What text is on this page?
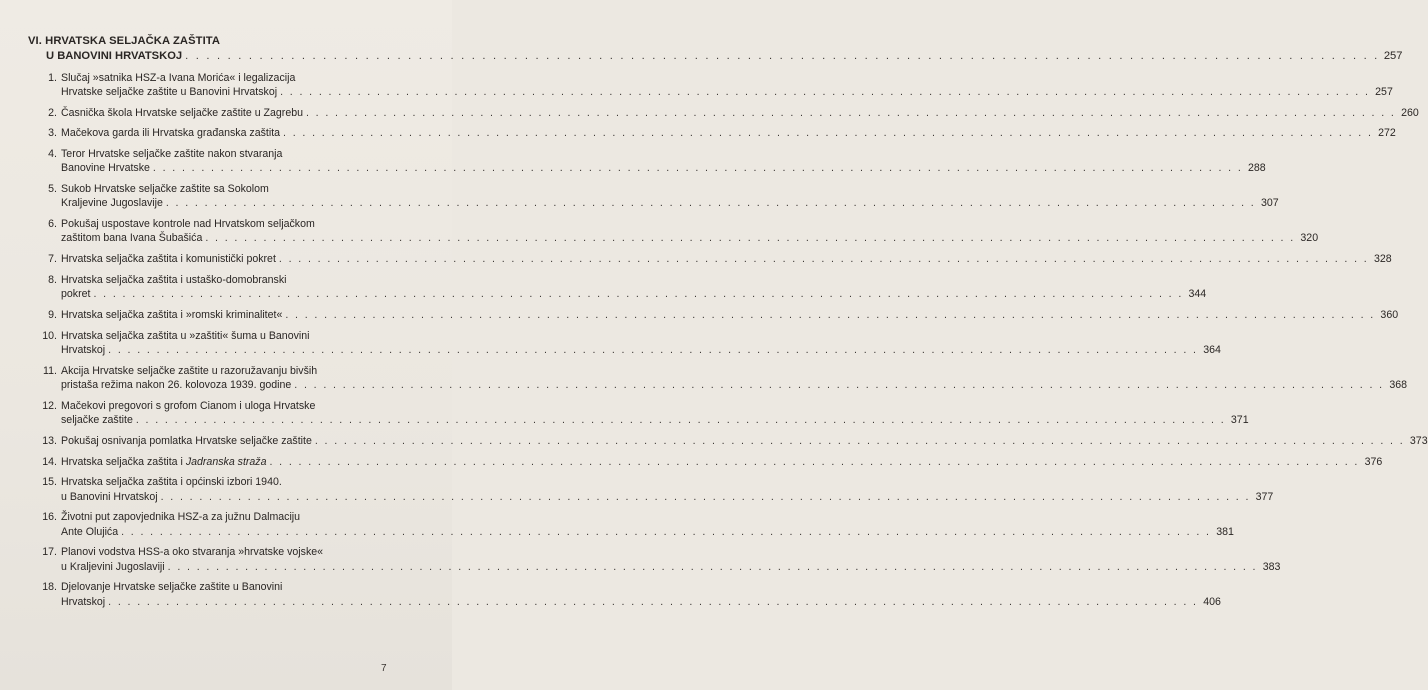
VI. HRVATSKA SELJAČKA ZAŠTITA
U BANOVINI HRVATSKOJ . . .	257
1. Slučaj »satnika HSZ-a Ivana Morića« i legalizacija
Hrvatske seljačke zaštite u Banovini Hrvatskoj . . .	257
2. Časnička škola Hrvatske seljačke zaštite u Zagrebu . . .	260
3. Mačekova garda ili Hrvatska građanska zaštita . . .	272
4. Teror Hrvatske seljačke zaštite nakon stvaranja
Banovine Hrvatske . . .	288
5. Sukob Hrvatske seljačke zaštite sa Sokolom
Kraljevine Jugoslavije . . .	307
6. Pokušaj uspostave kontrole nad Hrvatskom seljačkom
zaštitom bana Ivana Šubašića . . .	320
7. Hrvatska seljačka zaštita i komunistički pokret . . .	328
8. Hrvatska seljačka zaštita i ustaško-domobranski
pokret . . .	344
9. Hrvatska seljačka zaštita i »romski kriminalitet« . . .	360
10. Hrvatska seljačka zaštita u »zaštiti« šuma u Banovini
Hrvatskoj . . .	364
11. Akcija Hrvatske seljačke zaštite u razoružavanju bivših
pristaša režima nakon 26. kolovoza 1939. godine . . .	368
12. Mačekovi pregovori s grofom Cianom i uloga Hrvatske
seljačke zaštite . . .	371
13. Pokušaj osnivanja pomlatka Hrvatske seljačke zaštite . . .	373
14. Hrvatska seljačka zaštita i Jadranska straža . . .	376
15. Hrvatska seljačka zaštita i općinski izbori 1940.
u Banovini Hrvatskoj . . .	377
16. Životni put zapovjednika HSZ-a za južnu Dalmaciju
Ante Olujića . . .	381
17. Planovi vodstva HSS-a oko stvaranja »hrvatske vojske«
u Kraljevini Jugoslaviji . . .	383
18. Djelovanje Hrvatske seljačke zaštite u Banovini
Hrvatskoj . . .	406
7
